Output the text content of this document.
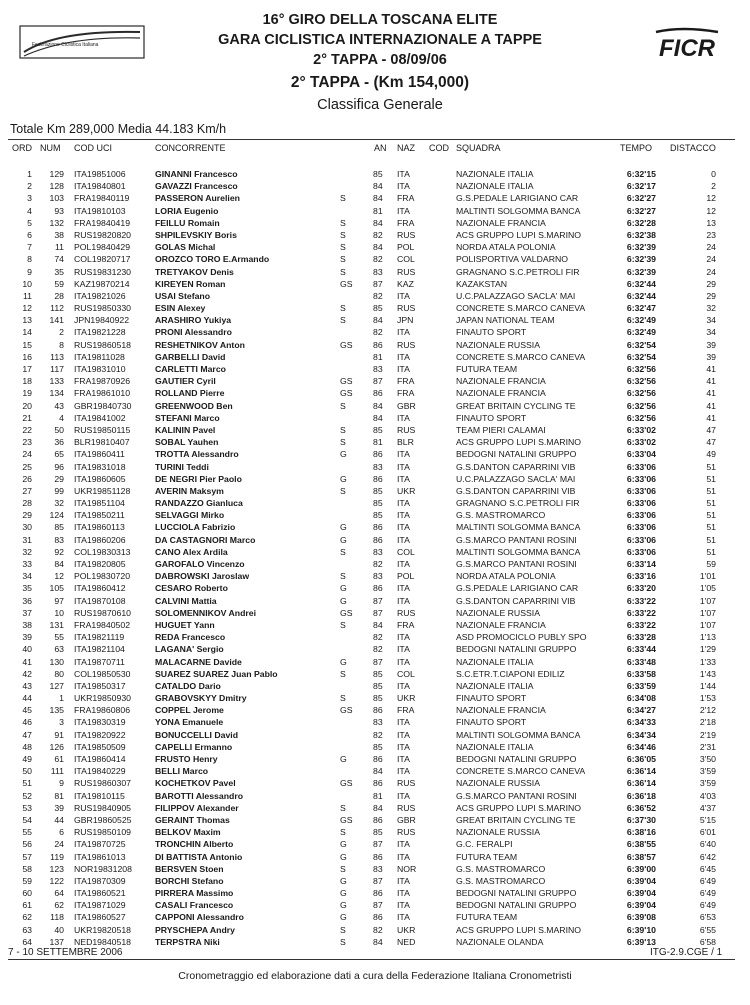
Federazione Ciclistica Italiana	FICR
16° GIRO DELLA TOSCANA ELITE
GARA CICLISTICA INTERNAZIONALE A TAPPE
2° TAPPA - 08/09/06
2° TAPPA - (Km 154,000)
Classifica Generale
Totale Km 289,000 Media 44.183 Km/h
ORD NUM COD UCI	CONCORRENTE	AN NAZ COD SQUADRA	TEMPO DISTACCO
1	129 ITA19851006	GINANNI Francesco	85 ITA	NAZIONALE ITALIA	6:32'15	0
2	128 ITA19840801	GAVAZZI Francesco	84 ITA	NAZIONALE ITALIA	6:32'17	2
3	103 FRA19840119	PASSERON Aurelien	S	84 FRA	G.S.PEDALE LARIGIANO CAR	6:32'27	12
4	93 ITA19810103	LORIA Eugenio	81 ITA	MALTINTI SOLGOMMA BANCA	6:32'27	12
5	132 FRA19840419	FEILLU Romain	S	84 FRA	NAZIONALE FRANCIA	6:32'28	13
6	38 RUS19820820	SHPILEVSKIY Boris	S	82 RUS	ACS GRUPPO LUPI S.MARINO	6:32'38	23
7	11 POL19840429	GOLAS Michal	S	84 POL	NORDA ATALA POLONIA	6:32'39	24
8	74 COL19820717	OROZCO TORO E.Armando	S	82 COL	POLISPORTIVA VALDARNO	6:32'39	24
9	35 RUS19831230	TRETYAKOV Denis	S	83 RUS	GRAGNANO S.C.PETROLI FIR	6:32'39	24
10	59 KAZ19870214	KIREYEN Roman	GS 87 KAZ	KAZAKSTAN	6:32'44	29
11	28 ITA19821026	USAI Stefano	82 ITA	U.C.PALAZZAGO SACLA' MAI	6:32'44	29
12	112 RUS19850330	ESIN Alexey	S	85 RUS	CONCRETE S.MARCO CANEVA	6:32'47	32
13	141 JPN19840922	ARASHIRO Yukiya	S	84 JPN	JAPAN NATIONAL TEAM	6:32'49	34
14	2 ITA19821228	PRONI Alessandro	82 ITA	FINAUTO SPORT	6:32'49	34
15	8 RUS19860518	RESHETNIKOV Anton	GS 86 RUS	NAZIONALE RUSSIA	6:32'54	39
16	113 ITA19811028	GARBELLI David	81 ITA	CONCRETE S.MARCO CANEVA	6:32'54	39
17	117 ITA19831010	CARLETTI Marco	83 ITA	FUTURA TEAM	6:32'56	41
18	133 FRA19870926	GAUTIER Cyril	GS 87 FRA	NAZIONALE FRANCIA	6:32'56	41
19	134 FRA19861010	ROLLAND Pierre	GS 86 FRA	NAZIONALE FRANCIA	6:32'56	41
20	43 GBR19840730	GREENWOOD Ben	S	84 GBR	GREAT BRITAIN CYCLING TE	6:32'56	41
21	4 ITA19841002	STEFANI Marco	84 ITA	FINAUTO SPORT	6:32'56	41
22	50 RUS19850115	KALININ Pavel	S	85 RUS	TEAM PIERI CALAMAI	6:33'02	47
23	36 BLR19810407	SOBAL Yauhen	S	81 BLR	ACS GRUPPO LUPI S.MARINO	6:33'02	47
24	65 ITA19860411	TROTTA Alessandro	G	86 ITA	BEDOGNI NATALINI GRUPPO	6:33'04	49
25	96 ITA19831018	TURINI Teddi	83 ITA	G.S.DANTON CAPARRINI VIB	6:33'06	51
26	29 ITA19860605	DE NEGRI Pier Paolo	G	86 ITA	U.C.PALAZZAGO SACLA' MAI	6:33'06	51
27	99 UKR19851128	AVERIN Maksym	S	85 UKR	G.S.DANTON CAPARRINI VIB	6:33'06	51
28	32 ITA19851104	RANDAZZO Gianluca	85 ITA	GRAGNANO S.C.PETROLI FIR	6:33'06	51
29	124 ITA19850211	SELVAGGI Mirko	85 ITA	G.S. MASTROMARCO	6:33'06	51
30	85 ITA19860113	LUCCIOLA Fabrizio	G	86 ITA	MALTINTI SOLGOMMA BANCA	6:33'06	51
31	83 ITA19860206	DA CASTAGNORI Marco	G	86 ITA	G.S.MARCO PANTANI ROSINI	6:33'06	51
32	92 COL19830313	CANO Alex Ardila	S	83 COL	MALTINTI SOLGOMMA BANCA	6:33'06	51
33	84 ITA19820805	GAROFALO Vincenzo	82 ITA	G.S.MARCO PANTANI ROSINI	6:33'14	59
34	12 POL19830720	DABROWSKI Jaroslaw	S	83 POL	NORDA ATALA POLONIA	6:33'16	1'01
35	105 ITA19860412	CESARO Roberto	G	86 ITA	G.S.PEDALE LARIGIANO CAR	6:33'20	1'05
36	97 ITA19870108	CALVINI Mattia	G	87 ITA	G.S.DANTON CAPARRINI VIB	6:33'22	1'07
37	10 RUS19870610	SOLOMENNIKOV Andrei	GS 87 RUS	NAZIONALE RUSSIA	6:33'22	1'07
38	131 FRA19840502	HUGUET Yann	S	84 FRA	NAZIONALE FRANCIA	6:33'22	1'07
39	55 ITA19821119	REDA Francesco	82 ITA	ASD PROMOCICLO PUBLY SPO	6:33'28	1'13
40	63 ITA19821104	LAGANA' Sergio	82 ITA	BEDOGNI NATALINI GRUPPO	6:33'44	1'29
41	130 ITA19870711	MALACARNE Davide	G	87 ITA	NAZIONALE ITALIA	6:33'48	1'33
42	80 COL19850530	SUAREZ SUAREZ Juan Pablo	S	85 COL	S.C.ETR.T.CIAPONI EDILIZ	6:33'58	1'43
43	127 ITA19850317	CATALDO Dario	85 ITA	NAZIONALE ITALIA	6:33'59	1'44
44	1 UKR19850930	GRABOVSKYY Dmitry	S	85 UKR	FINAUTO SPORT	6:34'08	1'53
45	135 FRA19860806	COPPEL Jerome	GS 86 FRA	NAZIONALE FRANCIA	6:34'27	2'12
46	3 ITA19830319	YONA Emanuele	83 ITA	FINAUTO SPORT	6:34'33	2'18
47	91 ITA19820922	BONUCCELLI David	82 ITA	MALTINTI SOLGOMMA BANCA	6:34'34	2'19
48	126 ITA19850509	CAPELLI Ermanno	85 ITA	NAZIONALE ITALIA	6:34'46	2'31
49	61 ITA19860414	FRUSTO Henry	G	86 ITA	BEDOGNI NATALINI GRUPPO	6:36'05	3'50
50	111 ITA19840229	BELLI Marco	84 ITA	CONCRETE S.MARCO CANEVA	6:36'14	3'59
51	9 RUS19860307	KOCHETKOV Pavel	GS 86 RUS	NAZIONALE RUSSIA	6:36'14	3'59
52	81 ITA19810115	BAROTTI Alessandro	81 ITA	G.S.MARCO PANTANI ROSINI	6:36'18	4'03
53	39 RUS19840905	FILIPPOV Alexander	S	84 RUS	ACS GRUPPO LUPI S.MARINO	6:36'52	4'37
54	44 GBR19860525	GERAINT Thomas	GS 86 GBR	GREAT BRITAIN CYCLING TE	6:37'30	5'15
55	6 RUS19850109	BELKOV Maxim	S	85 RUS	NAZIONALE RUSSIA	6:38'16	6'01
56	24 ITA19870725	TRONCHIN Alberto	G	87 ITA	G.C. FERALPI	6:38'55	6'40
57	119 ITA19861013	DI BATTISTA Antonio	G	86 ITA	FUTURA TEAM	6:38'57	6'42
58	123 NOR19831208	BERSVEN Stoen	S	83 NOR	G.S. MASTROMARCO	6:39'00	6'45
59	122 ITA19870309	BORCHI Stefano	G	87 ITA	G.S. MASTROMARCO	6:39'04	6'49
60	64 ITA19860521	PIRRERA Massimo	G	86 ITA	BEDOGNI NATALINI GRUPPO	6:39'04	6'49
61	62 ITA19871029	CASALI Francesco	G	87 ITA	BEDOGNI NATALINI GRUPPO	6:39'04	6'49
62	118 ITA19860527	CAPPONI Alessandro	G	86 ITA	FUTURA TEAM	6:39'08	6'53
63	40 UKR19820518	PRYSCHEPA Andry	S	82 UKR	ACS GRUPPO LUPI S.MARINO	6:39'10	6'55
64	137 NED19840518	TERPSTRA Niki	S	84 NED	NAZIONALE OLANDA	6:39'13	6'58
7 - 10 SETTEMBRE 2006	ITG-2.9.CGE / 1
Cronometraggio ed elaborazione dati a cura della Federazione Italiana Cronometristi
